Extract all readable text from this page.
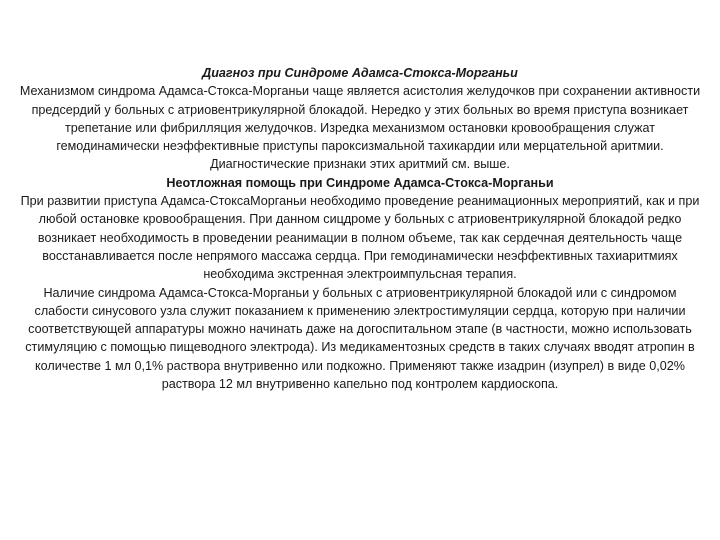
Диагноз при Синдроме Адамса-Стокса-Морганьи

Механизмом синдрома Адамса-Стокса-Морганьи чаще является асистолия желудочков при сохранении активности предсердий у больных с атриовентрикулярной блокадой. Нередко у этих больных во время приступа возникает трепетание или фибрилляция желудочков. Изредка механизмом остановки кровообращения служат гемодинамически неэффективные приступы пароксизмальной тахикардии или мерцательной аритмии. Диагностические признаки этих аритмий см. выше.

Неотложная помощь при Синдроме Адамса-Стокса-Морганьи

При развитии приступа Адамса-СтоксаМорганьи необходимо проведение реанимационных мероприятий, как и при любой остановке кровообращения. При данном сицдроме у больных с атриовентрикулярной блокадой редко возникает необходимость в проведении реанимации в полном объеме, так как сердечная деятельность чаще восстанавливается после непрямого массажа сердца. При гемодинамически неэффективных тахиаритмиях необходима экстренная электроимпульсная терапия.

Наличие синдрома Адамса-Стокса-Морганьи у больных с атриовентрикулярной блокадой или с синдромом слабости синусового узла служит показанием к применению электростимуляции сердца, которую при наличии соответствующей аппаратуры можно начинать даже на догоспитальном этапе (в частности, можно использовать стимуляцию с помощью пищеводного электрода). Из медикаментозных средств в таких случаях вводят атропин в количестве 1 мл 0,1% раствора внутривенно или подкожно. Применяют также изадрин (изупрел) в виде 0,02% раствора 12 мл внутривенно капельно под контролем кардиоскопа.
